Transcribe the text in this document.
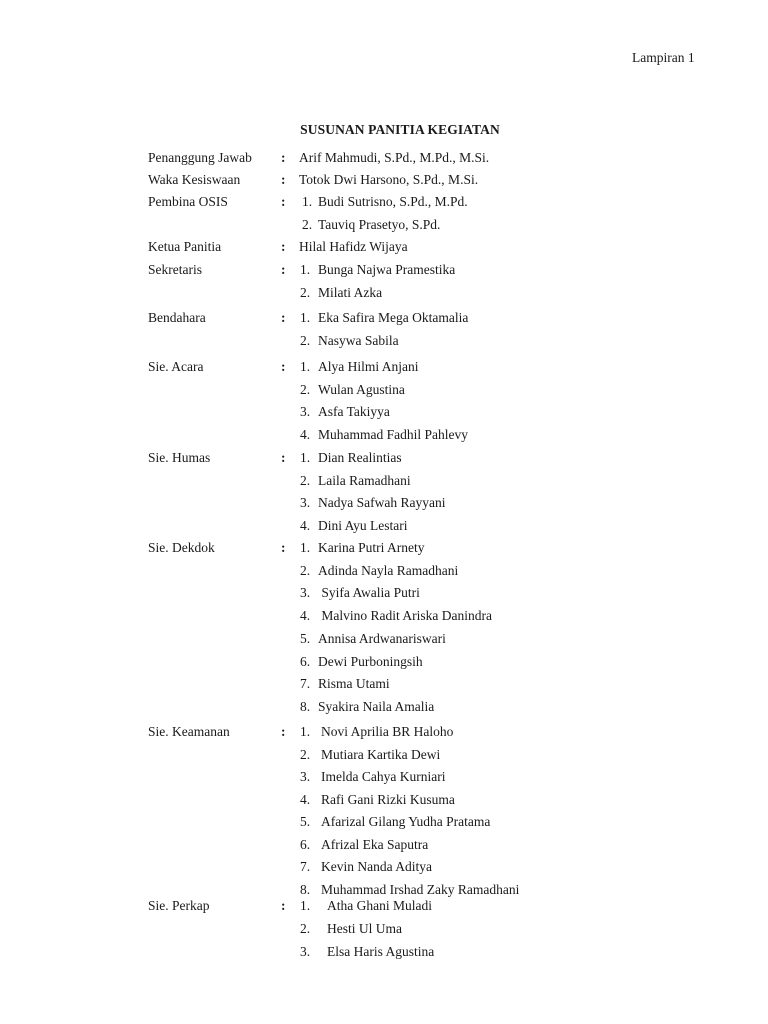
Lampiran 1
SUSUNAN PANITIA KEGIATAN
Penanggung Jawab : Arif Mahmudi, S.Pd., M.Pd., M.Si.
Waka Kesiswaan	: Totok Dwi Harsono, S.Pd., M.Si.
Pembina OSIS	: 1. Budi Sutrisno, S.Pd., M.Pd.
2. Tauviq Prasetyo, S.Pd.
Ketua Panitia	: Hilal Hafidz Wijaya
Sekretaris	: 1. Bunga Najwa Pramestika
2. Milati Azka
Bendahara	: 1. Eka Safira Mega Oktamalia
2. Nasywa Sabila
Sie. Acara	: 1. Alya Hilmi Anjani
2. Wulan Agustina
3. Asfa Takiyya
4. Muhammad Fadhil Pahlevy
Sie. Humas	: 1. Dian Realintias
2. Laila Ramadhani
3. Nadya Safwah Rayyani
4. Dini Ayu Lestari
Sie. Dekdok	: 1. Karina Putri Arnety
2. Adinda Nayla Ramadhani
3. Syifa Awalia Putri
4. Malvino Radit Ariska Danindra
5. Annisa Ardwanariswari
6. Dewi Purboningsih
7. Risma Utami
8. Syakira Naila Amalia
Sie. Keamanan	: 1. Novi Aprilia BR Haloho
2. Mutiara Kartika Dewi
3. Imelda Cahya Kurniari
4. Rafi Gani Rizki Kusuma
5. Afarizal Gilang Yudha Pratama
6. Afrizal Eka Saputra
7. Kevin Nanda Aditya
8. Muhammad Irshad Zaky Ramadhani
Sie. Perkap	: 1. Atha Ghani Muladi
2. Hesti Ul Uma
3. Elsa Haris Agustina
